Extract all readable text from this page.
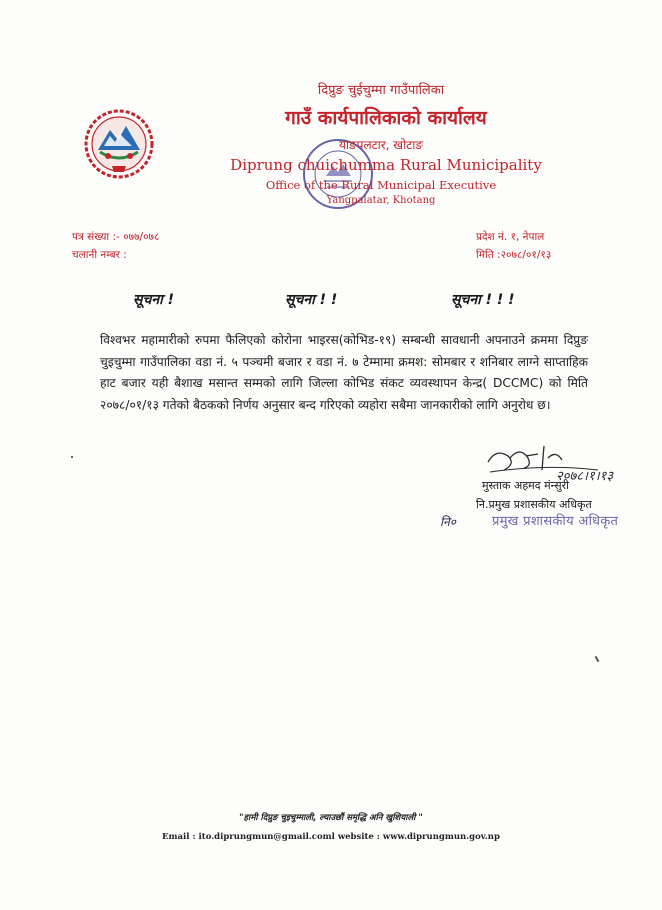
दिप्रुङ चुईचुम्मा गाउँपालिका
गाउँ कार्यपालिकाको कार्यालय
याङपलटार, खोटाङ
Diprung chuichumma Rural Municipality
Office of the Rural Municipal Executive
Yangpalatar, Khotang
पत्र संख्या :- ०७७/०७८
चलानी नम्बर :
प्रदेश नं. १, नेपाल
मिति :२०७८/०१/१३
सूचना !	सूचना ! !	सूचना ! ! !
विश्वभर महामारीको रुपमा फैलिएको कोरोना भाइरस(कोभिड-१९) सम्बन्धी सावधानी अपनाउने क्रममा दिप्रुङ चुइचुम्मा गाउँपालिका वडा नं. ५ पञ्चमी बजार र वडा नं. ७ टेम्मामा क्रमश: सोमबार र शनिबार लाग्ने साप्ताहिक हाट बजार यही बैशाख मसान्त सम्मको लागि जिल्ला कोभिड संकट व्यवस्थापन केन्द्र( DCCMC) को मिति २०७८/०१/१३ गतेको बैठकको निर्णय अनुसार बन्द गरिएको व्यहोरा सबैमा जानकारीको लागि अनुरोध छ।
२०७८।१।१३
मुस्ताक अहमद मंन्सुरी
नि.प्रमुख प्रशासकीय अधिकृत
नि०	प्रमुख प्रशासकीय अधिकृत
"हामी दिप्रुङ चुइचुम्माली, ल्याउछौं समृद्धि अनि खुशियाली "
Email : ito.diprungmun@gmail.coml website : www.diprungmun.gov.np
